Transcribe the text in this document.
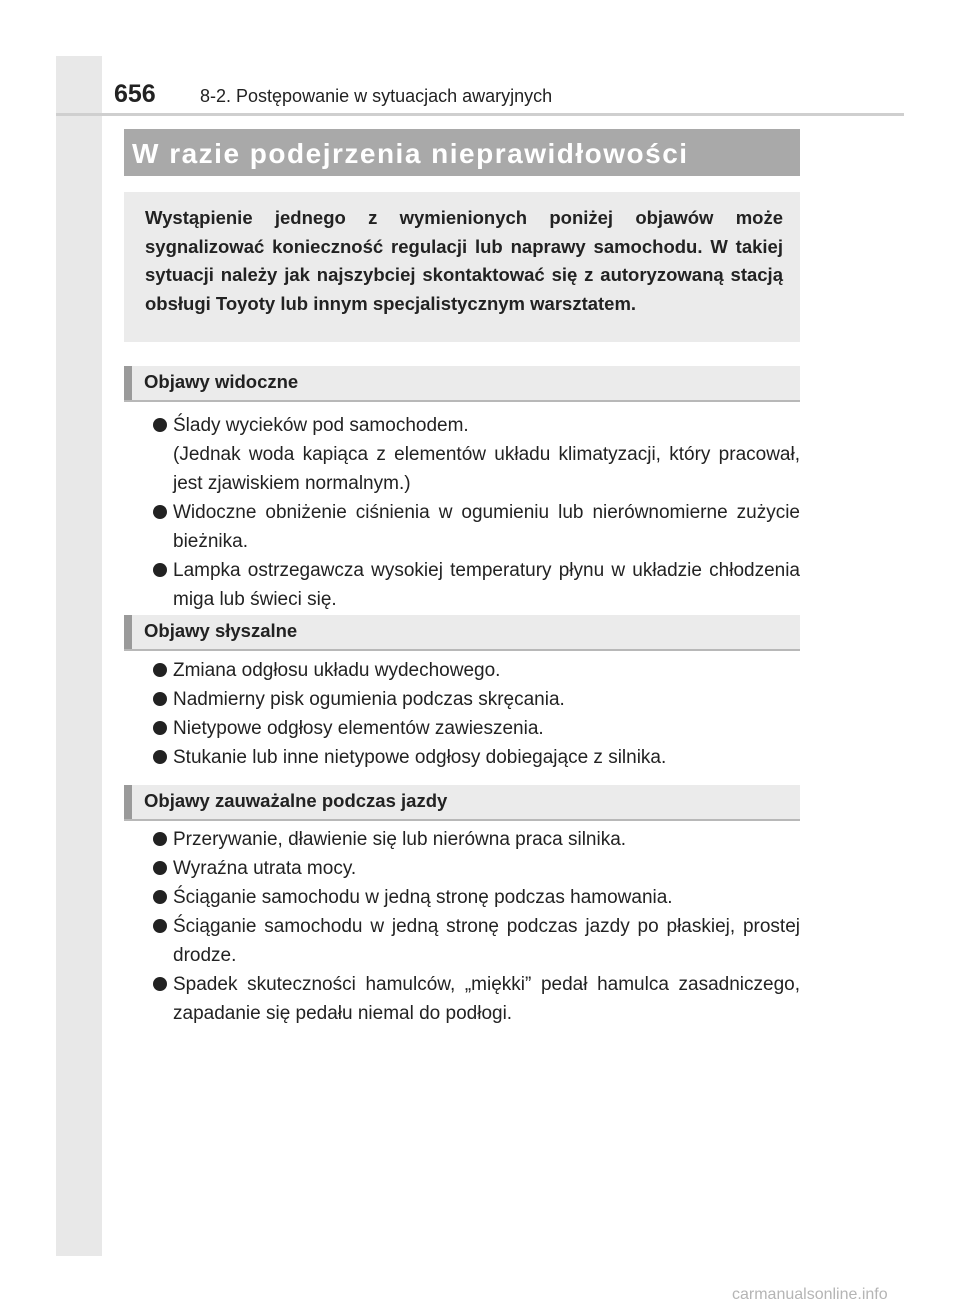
656 8-2. Postępowanie w sytuacjach awaryjnych
W razie podejrzenia nieprawidłowości
Wystąpienie jednego z wymienionych poniżej objawów może sygnalizować konieczność regulacji lub naprawy samochodu. W takiej sytuacji należy jak najszybciej skontaktować się z autoryzowaną stacją obsługi Toyoty lub innym specjalistycznym warsztatem.
Objawy widoczne
Ślady wycieków pod samochodem.
(Jednak woda kapiąca z elementów układu klimatyzacji, który pracował, jest zjawiskiem normalnym.)
Widoczne obniżenie ciśnienia w ogumieniu lub nierównomierne zużycie bieżnika.
Lampka ostrzegawcza wysokiej temperatury płynu w układzie chłodzenia miga lub świeci się.
Objawy słyszalne
Zmiana odgłosu układu wydechowego.
Nadmierny pisk ogumienia podczas skręcania.
Nietypowe odgłosy elementów zawieszenia.
Stukanie lub inne nietypowe odgłosy dobiegające z silnika.
Objawy zauważalne podczas jazdy
Przerywanie, dławienie się lub nierówna praca silnika.
Wyraźna utrata mocy.
Ściąganie samochodu w jedną stronę podczas hamowania.
Ściąganie samochodu w jedną stronę podczas jazdy po płaskiej, prostej drodze.
Spadek skuteczności hamulców, „miękki” pedał hamulca zasadniczego, zapadanie się pedału niemal do podłogi.
carmanualsonline.info
